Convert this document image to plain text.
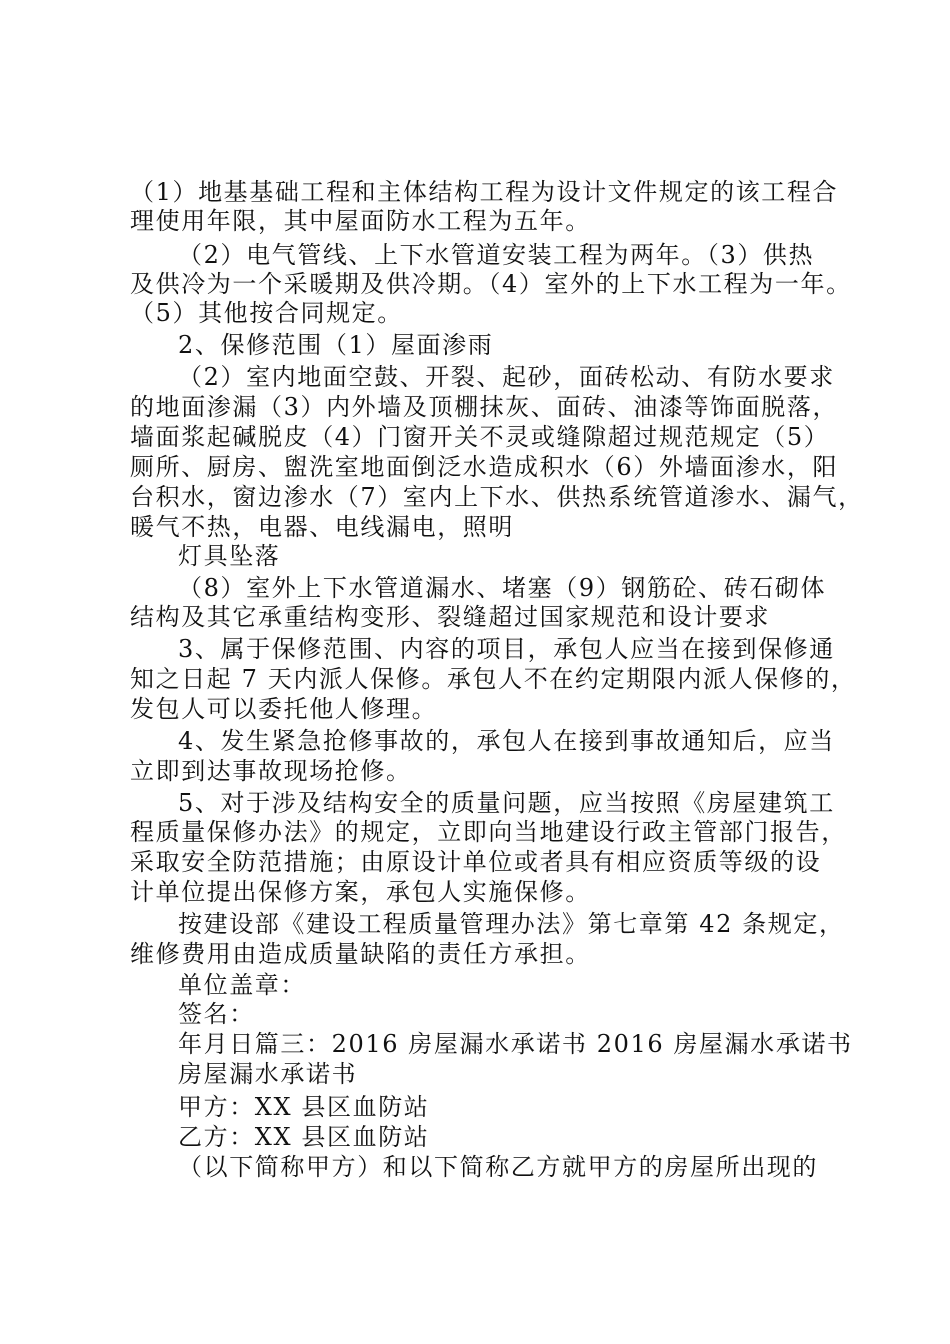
（1）地基基础工程和主体结构工程为设计文件规定的该工程合
理使用年限，其中屋面防水工程为五年。
（2）电气管线、上下水管道安装工程为两年。（3）供热
及供冷为一个采暖期及供冷期。（4）室外的上下水工程为一年。
（5）其他按合同规定。
2、保修范围（1）屋面渗雨
（2）室内地面空鼓、开裂、起砂，面砖松动、有防水要求
的地面渗漏（3）内外墙及顶棚抹灰、面砖、油漆等饰面脱落，
墙面浆起碱脱皮（4）门窗开关不灵或缝隙超过规范规定（5）
厕所、厨房、盥洗室地面倒泛水造成积水（6）外墙面渗水，阳
台积水，窗边渗水（7）室内上下水、供热系统管道渗水、漏气，
暖气不热，电器、电线漏电，照明
灯具坠落
（8）室外上下水管道漏水、堵塞（9）钢筋砼、砖石砌体
结构及其它承重结构变形、裂缝超过国家规范和设计要求
3、属于保修范围、内容的项目，承包人应当在接到保修通
知之日起 7 天内派人保修。承包人不在约定期限内派人保修的，
发包人可以委托他人修理。
4、发生紧急抢修事故的，承包人在接到事故通知后，应当
立即到达事故现场抢修。
5、对于涉及结构安全的质量问题，应当按照《房屋建筑工
程质量保修办法》的规定，立即向当地建设行政主管部门报告，
采取安全防范措施；由原设计单位或者具有相应资质等级的设
计单位提出保修方案，承包人实施保修。
按建设部《建设工程质量管理办法》第七章第 42 条规定，
维修费用由造成质量缺陷的责任方承担。
单位盖章：
签名：
年月日篇三：2016 房屋漏水承诺书 2016 房屋漏水承诺书
房屋漏水承诺书
甲方：XX 县区血防站
乙方：XX 县区血防站
（以下简称甲方）和以下简称乙方就甲方的房屋所出现的
